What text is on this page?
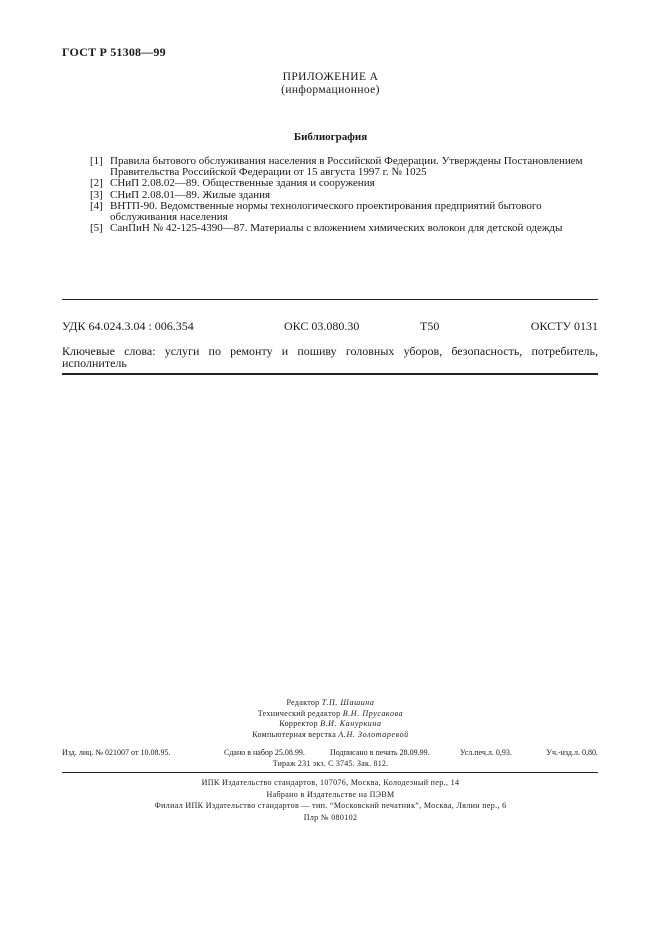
ГОСТ Р 51308—99
ПРИЛОЖЕНИЕ А
(информационное)
Библиография
[1] Правила бытового обслуживания населения в Российской Федерации. Утверждены Постановлением Правительства Российской Федерации от 15 августа 1997 г. № 1025
[2] СНиП 2.08.02—89. Общественные здания и сооружения
[3] СНиП 2.08.01—89. Жилые здания
[4] ВНТП-90. Ведомственные нормы технологического проектирования предприятий бытового обслуживания населения
[5] СанПиН № 42-125-4390—87. Материалы с вложением химических волокон для детской одежды
УДК 64.024.3.04 : 006.354	ОКС 03.080.30	Т50	ОКСТУ 0131
Ключевые слова: услуги по ремонту и пошиву головных уборов, безопасность, потребитель, исполнитель
Редактор Т.П. Шашина
Технический редактор В.Н. Прусакова
Корректор В.И. Кануркина
Компьютерная верстка А.Н. Золотаревой
Изд. лиц. № 021007 от 10.08.95.	Сдано в набор 25.08.99.	Подписано в печать 28.09.99.	Усл.печ.л. 0,93.	Уч.-изд.л. 0,80.
Тираж 231 экз. С 3745. Зак. 812.
ИПК Издательство стандартов, 107076, Москва, Колодезный пер., 14
Набрано в Издательстве на ПЭВМ
Филиал ИПК Издательство стандартов — тип. “Московский печатник”, Москва, Лялин пер., 6
Плр № 080102
